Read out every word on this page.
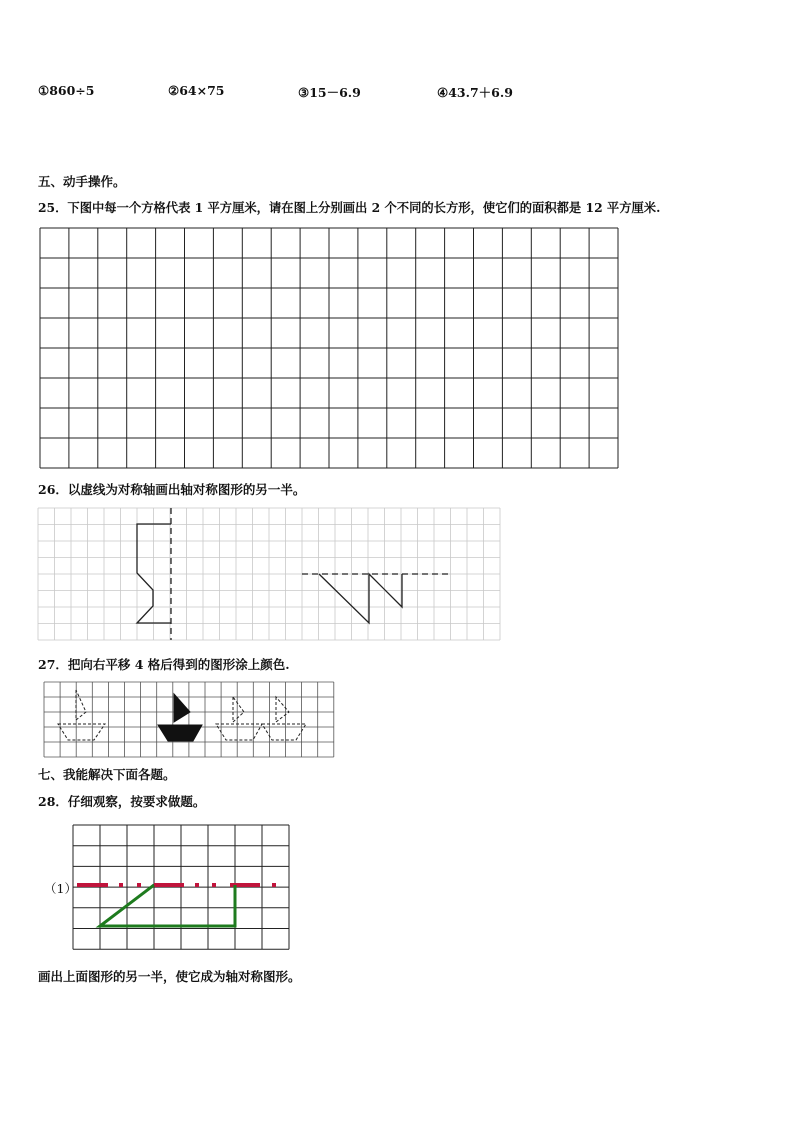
①860÷5	②64×75	③15－6.9	④43.7＋6.9
五、动手操作。
25．下图中每一个方格代表 1 平方厘米，请在图上分别画出 2 个不同的长方形，使它们的面积都是 12 平方厘米.
26．以虚线为对称轴画出轴对称图形的另一半。
27．把向右平移 4 格后得到的图形涂上颜色.
七、我能解决下面各题。
28．仔细观察，按要求做题。
（1）
画出上面图形的另一半，使它成为轴对称图形。
